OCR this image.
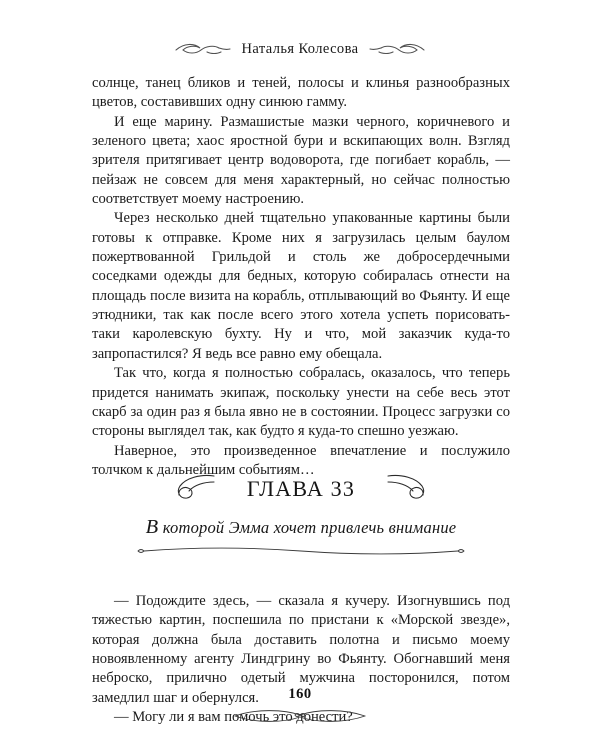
Наталья Колесова

солнце, танец бликов и теней, полосы и клинья разнообразных цветов, составивших одну синюю гамму.

И еще марину. Размашистые мазки черного, коричневого и зеленого цвета; хаос яростной бури и вскипающих волн. Взгляд зрителя притягивает центр водоворота, где погибает корабль, — пейзаж не совсем для меня характерный, но сейчас полностью соответствует моему настроению.

Через несколько дней тщательно упакованные картины были готовы к отправке. Кроме них я загрузилась целым баулом пожертвованной Грильдой и столь же добросердечными соседками одежды для бедных, которую собиралась отнести на площадь после визита на корабль, отплывающий во Фьянту. И еще этюдники, так как после всего этого хотела успеть порисовать-таки каролевскую бухту. Ну и что, мой заказчик куда-то запропастился? Я ведь все равно ему обещала.

Так что, когда я полностью собралась, оказалось, что теперь придется нанимать экипаж, поскольку унести на себе весь этот скарб за один раз я была явно не в состоянии. Процесс загрузки со стороны выглядел так, как будто я куда-то спешно уезжаю.

Наверное, это произведенное впечатление и послужило толчком к дальнейшим событиям…

ГЛАВА 33
В которой Эмма хочет привлечь внимание

— Подождите здесь, — сказала я кучеру. Изогнувшись под тяжестью картин, поспешила по пристани к «Морской звезде», которая должна была доставить полотна и письмо моему новоявленному агенту Линдгрину во Фьянту. Обогнавший меня неброско, прилично одетый мужчина посторонился, потом замедлил шаг и обернулся.

— Могу ли я вам помочь это донести?

160
